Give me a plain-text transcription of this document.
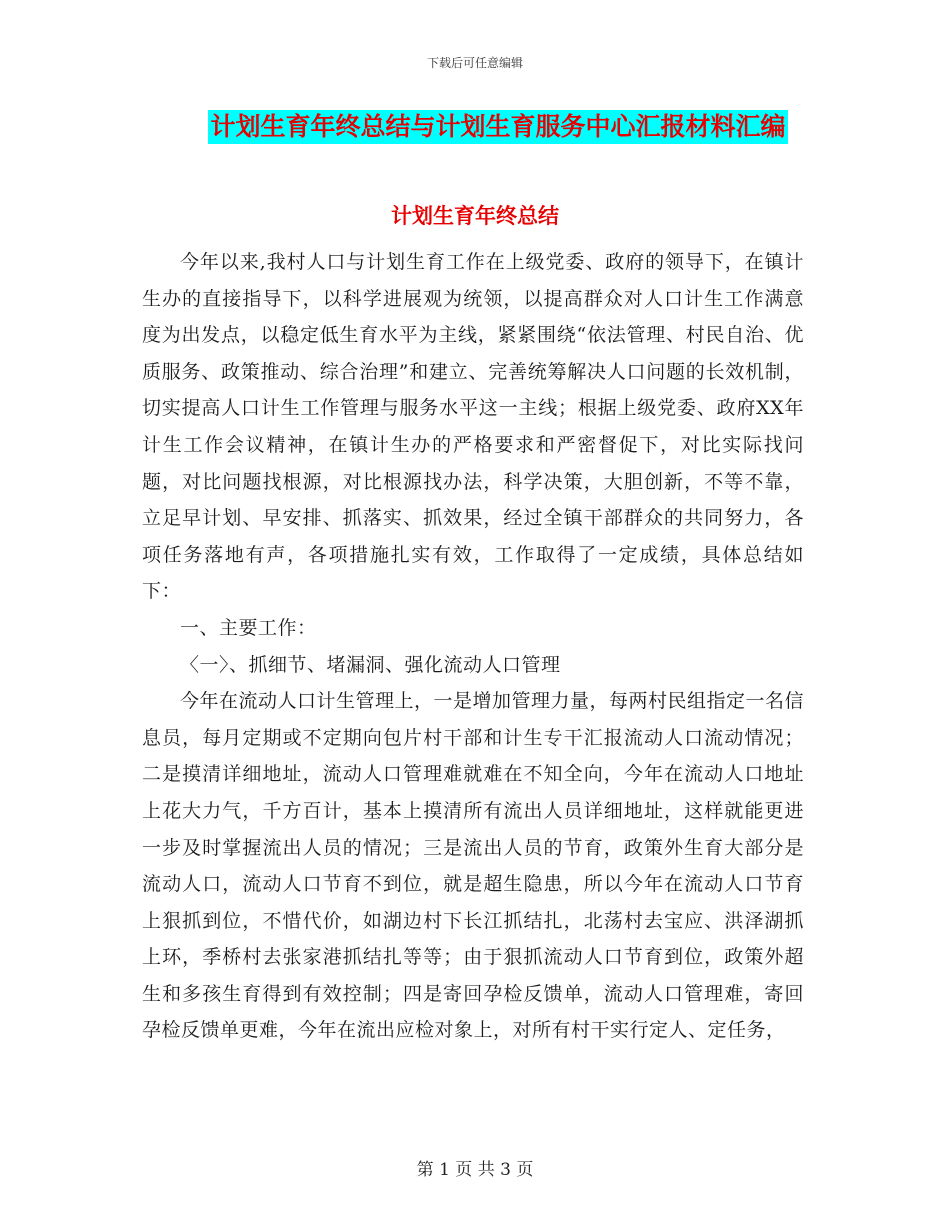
下载后可任意编辑
计划生育年终总结与计划生育服务中心汇报材料汇编
计划生育年终总结

今年以来,我村人口与计划生育工作在上级党委、政府的领导下，在镇计生办的直接指导下，以科学进展观为统领，以提高群众对人口计生工作满意度为出发点，以稳定低生育水平为主线，紧紧围绕“依法管理、村民自治、优质服务、政策推动、综合治理”和建立、完善统筹解决人口问题的长效机制，切实提高人口计生工作管理与服务水平这一主线；根据上级党委、政府XX年计生工作会议精神，在镇计生办的严格要求和严密督促下，对比实际找问题，对比问题找根源，对比根源找办法，科学决策，大胆创新，不等不靠，立足早计划、早安排、抓落实、抓效果，经过全镇干部群众的共同努力，各项任务落地有声，各项措施扎实有效，工作取得了一定成绩，具体总结如下：

一、主要工作：

〈一〉、抓细节、堵漏洞、强化流动人口管理

今年在流动人口计生管理上，一是增加管理力量，每两村民组指定一名信息员，每月定期或不定期向包片村干部和计生专干汇报流动人口流动情况；二是摸清详细地址，流动人口管理难就难在不知全向，今年在流动人口地址上花大力气，千方百计，基本上摸清所有流出人员详细地址，这样就能更进一步及时掌握流出人员的情况；三是流出人员的节育，政策外生育大部分是流动人口，流动人口节育不到位，就是超生隐患，所以今年在流动人口节育上狠抓到位，不惜代价，如湖边村下长江抓结扎，北荡村去宝应、洪泽湖抓上环，季桥村去张家港抓结扎等等；由于狠抓流动人口节育到位，政策外超生和多孩生育得到有效控制；四是寄回孕检反馈单，流动人口管理难，寄回孕检反馈单更难，今年在流出应检对象上，对所有村干实行定人、定任务，

第 1 页 共 3 页
